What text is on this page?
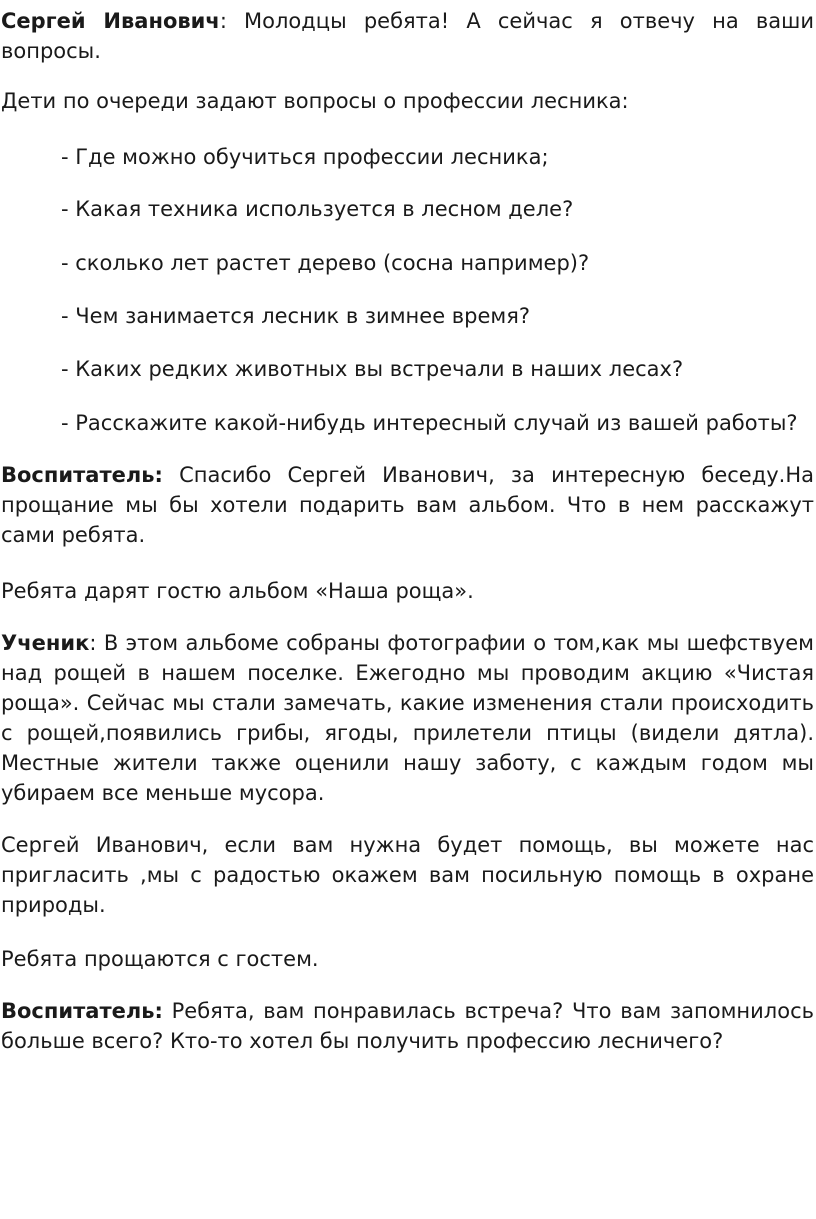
Сергей Иванович: Молодцы ребята! А сейчас я отвечу на ваши вопросы.

Дети по очереди задают вопросы о профессии лесника:

- Где можно обучиться профессии лесника;

- Какая техника используется в лесном деле?

- сколько лет растет дерево (сосна например)?

- Чем занимается лесник в зимнее время?

- Каких редких животных вы встречали в наших лесах?

- Расскажите какой-нибудь интересный случай из вашей работы?

Воспитатель: Спасибо Сергей Иванович, за интересную беседу.На прощание мы бы хотели подарить вам альбом. Что в нем расскажут сами ребята.

Ребята дарят гостю альбом «Наша роща».

Ученик: В этом альбоме собраны фотографии о том,как мы шефствуем над рощей в нашем поселке. Ежегодно мы проводим акцию «Чистая роща». Сейчас мы стали замечать, какие изменения стали происходить с рощей,появились грибы, ягоды, прилетели птицы (видели дятла). Местные жители также оценили нашу заботу, с каждым годом мы убираем все меньше мусора.

Сергей Иванович, если вам нужна будет помощь, вы можете нас пригласить ,мы с радостью окажем вам посильную помощь в охране природы.

Ребята прощаются с гостем.

Воспитатель: Ребята, вам понравилась встреча? Что вам запомнилось больше всего? Кто-то хотел бы получить профессию лесничего?
